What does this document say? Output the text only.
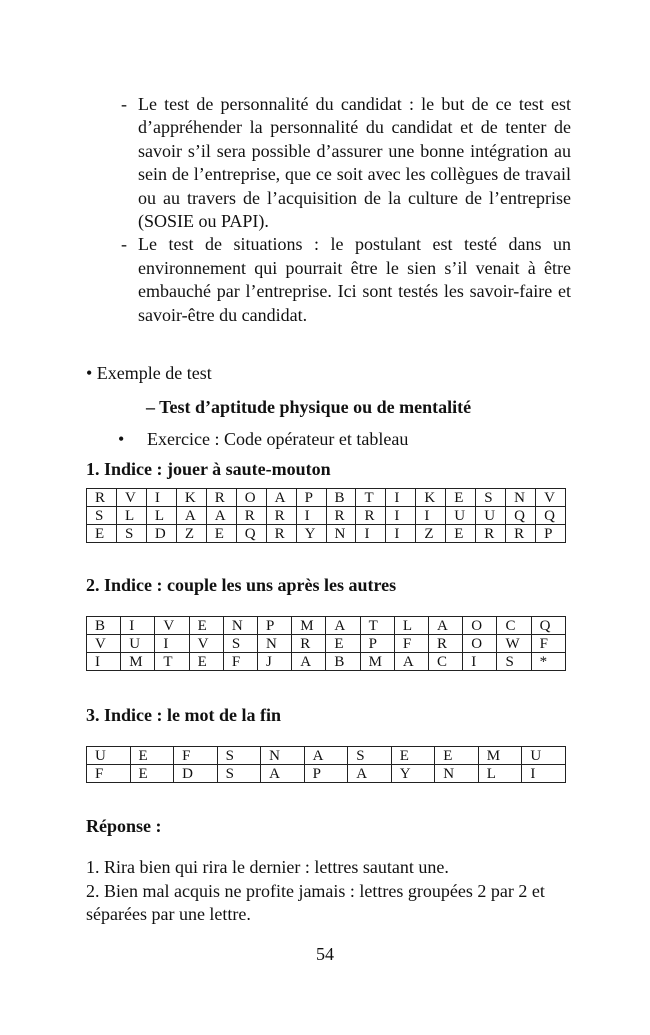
- Le test de personnalité du candidat : le but de ce test est d’appréhender la personnalité du candidat et de tenter de savoir s’il sera possible d’assurer une bonne intégration au sein de l’entreprise, que ce soit avec les collègues de travail ou au travers de l’acquisition de la culture de l’entreprise (SOSIE ou PAPI).
- Le test de situations : le postulant est testé dans un environnement qui pourrait être le sien s’il venait à être embauché par l’entreprise. Ici sont testés les savoir-faire et savoir-être du candidat.
• Exemple de test
– Test d’aptitude physique ou de mentalité
• Exercice : Code opérateur et tableau
1. Indice : jouer à saute-mouton
R	V	I	K	R	O	A	P	B	T	I	K	E	S	N	V
S	L	L	A	A	R	R	I	R	R	I	I	U	U	Q	Q
E	S	D	Z	E	Q	R	Y	N	I	I	Z	E	R	R	P
2. Indice : couple les uns après les autres
B	I	V	E	N	P	M	A	T	L	A	O	C	Q
V	U	I	V	S	N	R	E	P	F	R	O	W	F
I	M	T	E	F	J	A	B	M	A	C	I	S	*
3. Indice : le mot de la fin
U	E	F	S	N	A	S	E	E	M	U
F	E	D	S	A	P	A	Y	N	L	I
Réponse :
1. Rira bien qui rira le dernier : lettres sautant une.
2. Bien mal acquis ne profite jamais : lettres groupées 2 par 2 et séparées par une lettre.
54
